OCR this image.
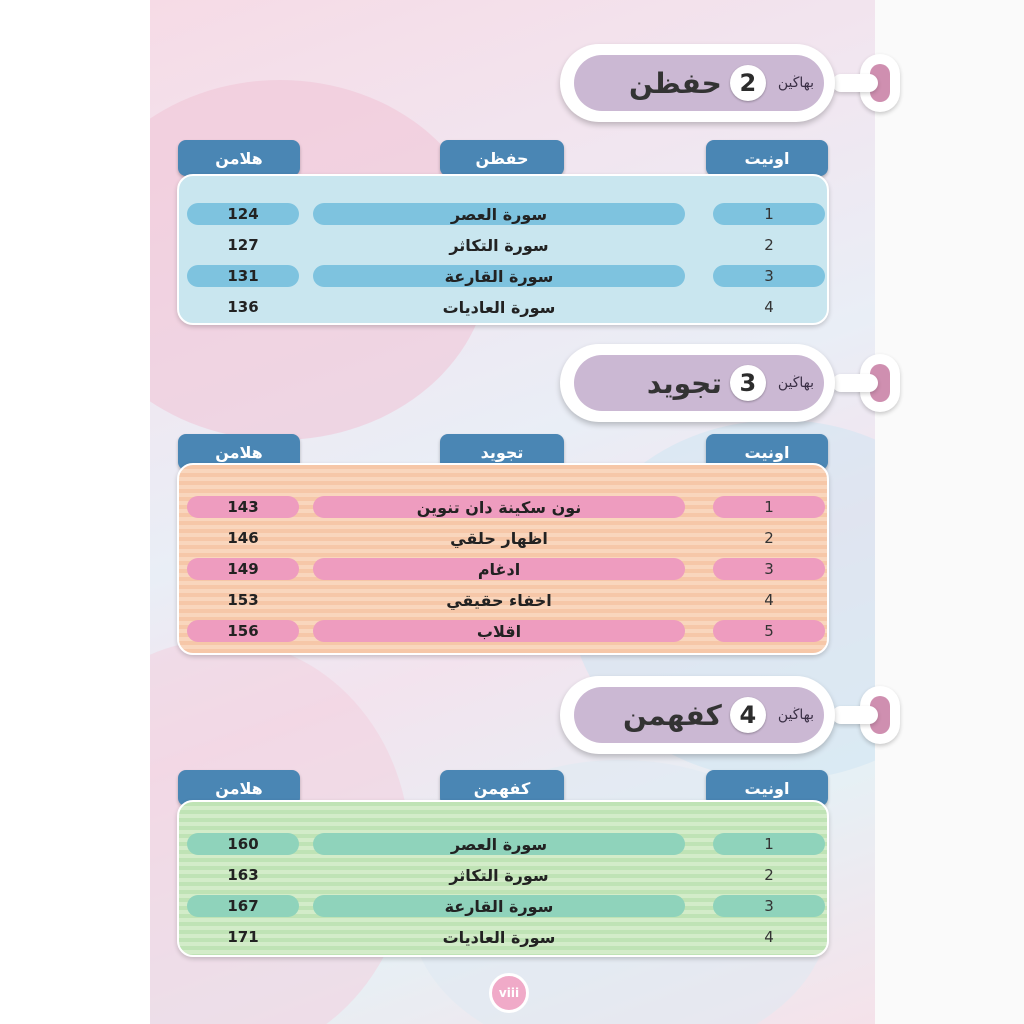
بهاڬين
2
حفظن
اونيت
حفظن
هلامن
124	سورة العصر	1
127	سورة التكاثر	2
131	سورة القارعة	3
136	سورة العاديات	4
بهاڬين
3
تجويد
اونيت
تجويد
هلامن
143	نون سكينة دان تنوين	1
146	اظهار حلقي	2
149	ادغام	3
153	اخفاء حقيقي	4
156	اقلاب	5
بهاڬين
4
كفهمن
اونيت
كفهمن
هلامن
160	سورة العصر	1
163	سورة التكاثر	2
167	سورة القارعة	3
171	سورة العاديات	4
viii
